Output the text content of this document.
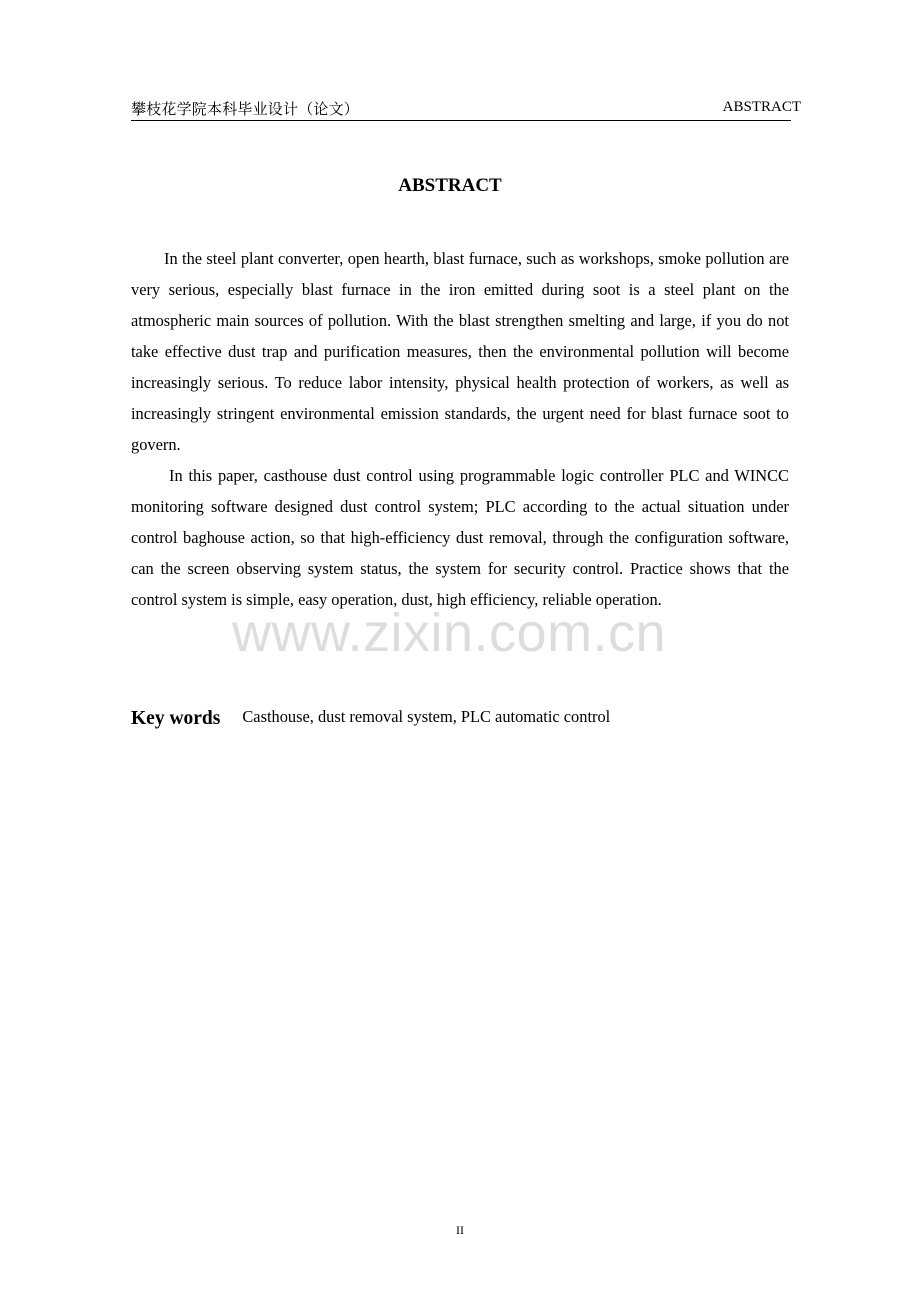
攀枝花学院本科毕业设计（论文）	ABSTRACT
ABSTRACT

In the steel plant converter, open hearth, blast furnace, such as workshops, smoke pollution are very serious, especially blast furnace in the iron emitted during soot is a steel plant on the atmospheric main sources of pollution. With the blast strengthen smelting and large, if you do not take effective dust trap and purification measures, then the environmental pollution will become increasingly serious. To reduce labor intensity, physical health protection of workers, as well as increasingly stringent environmental emission standards, the urgent need for blast furnace soot to govern.

In this paper, casthouse dust control using programmable logic controller PLC and WINCC monitoring software designed dust control system; PLC according to the actual situation under control baghouse action, so that high-efficiency dust removal, through the configuration software, can the screen observing system status, the system for security control. Practice shows that the control system is simple, easy operation, dust, high efficiency, reliable operation.

www.zixin.com.cn
Key words Casthouse, dust removal system, PLC automatic control
II
